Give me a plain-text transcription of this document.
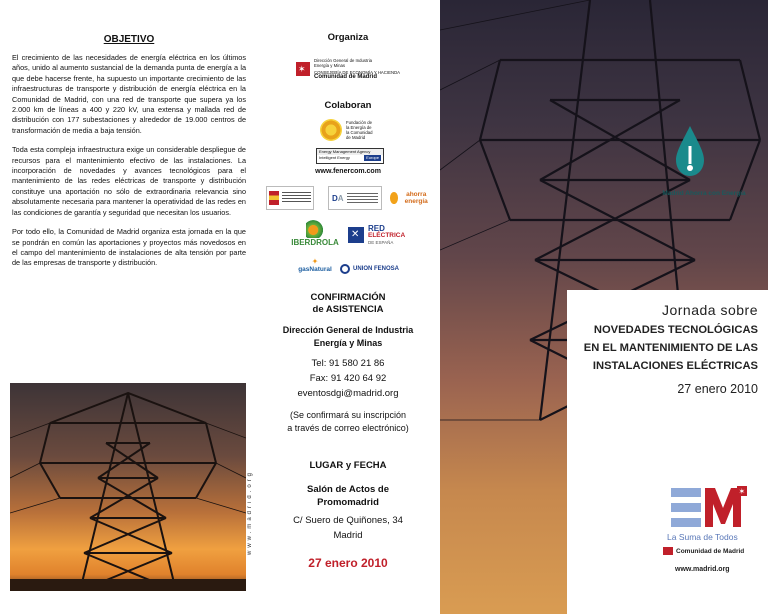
OBJETIVO

El crecimiento de las necesidades de energía eléctrica en los últimos años, unido al aumento sustancial de la demanda punta de energía a la que debe hacerse frente, ha supuesto un importante crecimiento de las infraestructuras de transporte y distribución de energía eléctrica en la Comunidad de Madrid, con una red de transporte que supera ya los 2.000 km de líneas a 400 y 220 kV, una extensa y mallada red de distribución con 177 subestaciones y alrededor de 19.000 centros de transformación de media a baja tensión.

Toda esta compleja infraestructura exige un considerable despliegue de recursos para el mantenimiento efectivo de las instalaciones. La incorporación de novedades y avances tecnológicos para el mantenimiento de las redes eléctricas de transporte y distribución constituye una aportación no sólo de extraordinaria relevancia sino absolutamente necesaria para mantener la operatividad de las redes en las condiciones de garantía y seguridad que necesitan los usuarios.

Por todo ello, la Comunidad de Madrid organiza esta jornada en la que se pondrán en común las aportaciones y proyectos más novedosos en el campo del mantenimiento de instalaciones de alta tensión por parte de las empresas de transporte y distribución.

Organiza
✶
Dirección General de Industria
Energía y Minas
CONSEJERÍA DE ECONOMÍA Y HACIENDA
Comunidad de Madrid
Colaboran
Fundación de la Energía de la Comunidad de Madrid
Energy Management Agency
Intelligent Energy	Europe
www.fenercom.com
D A	ahorra energía
IBERDROLA
✕
RED
ELÉCTRICA
DE ESPAÑA
✦
gasNatural	UNION FENOSA
CONFIRMACIÓN
de ASISTENCIA
Dirección General de Industria
Energía y Minas
Tel: 91 580 21 86
Fax: 91 420 64 92
eventosdgi@madrid.org
(Se confirmará su inscripción
a través de correo electrónico)
LUGAR y FECHA
Salón de Actos de
Promomadrid
C/ Suero de Quiñones, 34
Madrid
27 enero 2010
www.madrid.org
Madrid Ahorra con Energía
Jornada sobre
NOVEDADES TECNOLÓGICAS
EN EL MANTENIMIENTO DE LAS
INSTALACIONES ELÉCTRICAS
27 enero 2010
✶
La Suma de Todos
Comunidad de Madrid
www.madrid.org
